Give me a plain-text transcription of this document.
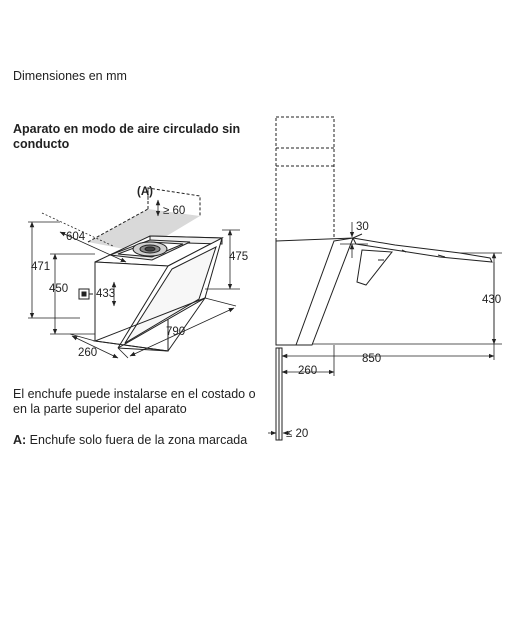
Dimensiones en mm
Aparato en modo de aire circulado sin
conducto
El enchufe puede instalarse en el costado o
en la parte superior del aparato
A: Enchufe solo fuera de la zona marcada
(A)
≥ 60
604
471
450
475
433
790
260
30
430
850
260
≤ 20
